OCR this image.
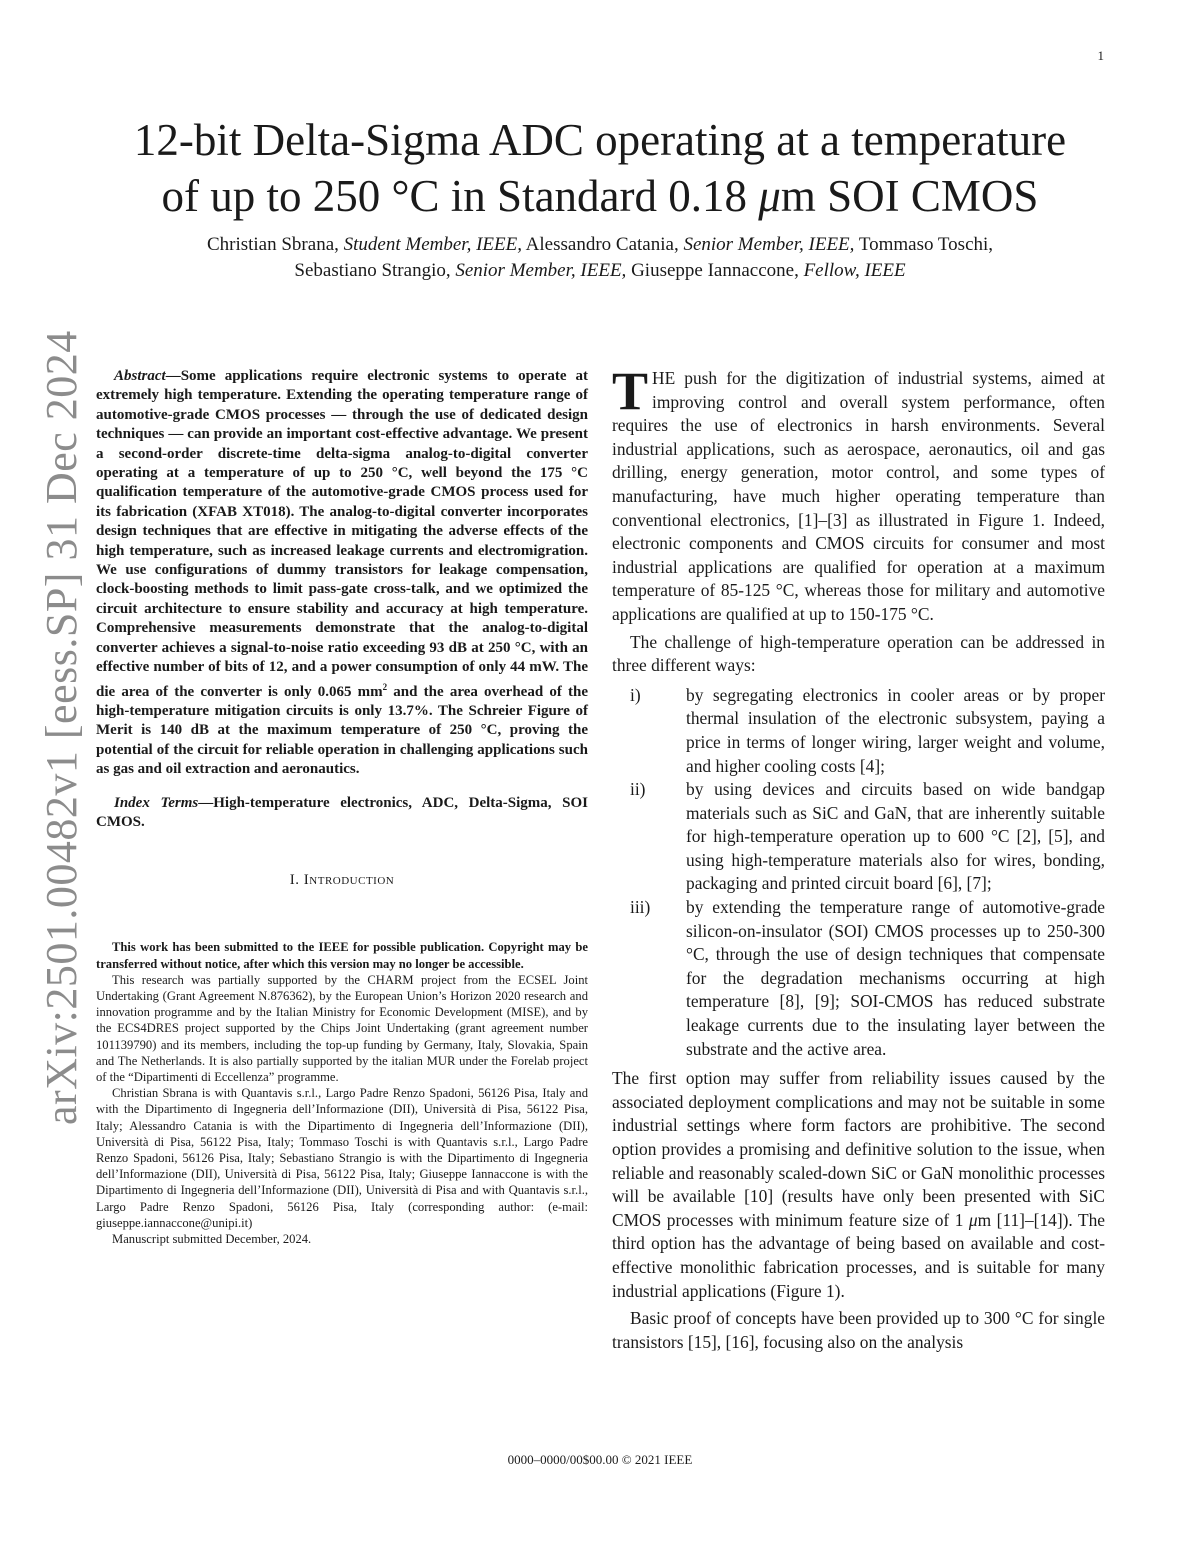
1
arXiv:2501.00482v1 [eess.SP] 31 Dec 2024
12-bit Delta-Sigma ADC operating at a temperature
of up to 250 °C in Standard 0.18 μm SOI CMOS
Christian Sbrana, Student Member, IEEE, Alessandro Catania, Senior Member, IEEE, Tommaso Toschi,
Sebastiano Strangio, Senior Member, IEEE, Giuseppe Iannaccone, Fellow, IEEE

Abstract—Some applications require electronic systems to operate at extremely high temperature. Extending the operating temperature range of automotive-grade CMOS processes — through the use of dedicated design techniques — can provide an important cost-effective advantage. We present a second-order discrete-time delta-sigma analog-to-digital converter operating at a temperature of up to 250 °C, well beyond the 175 °C qualification temperature of the automotive-grade CMOS process used for its fabrication (XFAB XT018). The analog-to-digital converter incorporates design techniques that are effective in mitigating the adverse effects of the high temperature, such as increased leakage currents and electromigration. We use configurations of dummy transistors for leakage compensation, clock-boosting methods to limit pass-gate cross-talk, and we optimized the circuit architecture to ensure stability and accuracy at high temperature. Comprehensive measurements demonstrate that the analog-to-digital converter achieves a signal-to-noise ratio exceeding 93 dB at 250 °C, with an effective number of bits of 12, and a power consumption of only 44 mW. The die area of the converter is only 0.065 $mm^2$ and the area overhead of the high-temperature mitigation circuits is only 13.7%. The Schreier Figure of Merit is 140 dB at the maximum temperature of 250 °C, proving the potential of the circuit for reliable operation in challenging applications such as gas and oil extraction and aeronautics.

Index Terms—High-temperature electronics, ADC, Delta-Sigma, SOI CMOS.

I. Introduction

This work has been submitted to the IEEE for possible publication. Copyright may be transferred without notice, after which this version may no longer be accessible.

This research was partially supported by the CHARM project from the ECSEL Joint Undertaking (Grant Agreement N.876362), by the European Union’s Horizon 2020 research and innovation programme and by the Italian Ministry for Economic Development (MISE), and by the ECS4DRES project supported by the Chips Joint Undertaking (grant agreement number 101139790) and its members, including the top-up funding by Germany, Italy, Slovakia, Spain and The Netherlands. It is also partially supported by the italian MUR under the Forelab project of the “Dipartimenti di Eccellenza” programme.

Christian Sbrana is with Quantavis s.r.l., Largo Padre Renzo Spadoni, 56126 Pisa, Italy and with the Dipartimento di Ingegneria dell’Informazione (DII), Università di Pisa, 56122 Pisa, Italy; Alessandro Catania is with the Dipartimento di Ingegneria dell’Informazione (DII), Università di Pisa, 56122 Pisa, Italy; Tommaso Toschi is with Quantavis s.r.l., Largo Padre Renzo Spadoni, 56126 Pisa, Italy; Sebastiano Strangio is with the Dipartimento di Ingegneria dell’Informazione (DII), Università di Pisa, 56122 Pisa, Italy; Giuseppe Iannaccone is with the Dipartimento di Ingegneria dell’Informazione (DII), Università di Pisa and with Quantavis s.r.l., Largo Padre Renzo Spadoni, 56126 Pisa, Italy (corresponding author: (e-mail: giuseppe.iannaccone@unipi.it)

Manuscript submitted December, 2024.

THE push for the digitization of industrial systems, aimed at improving control and overall system performance, often requires the use of electronics in harsh environments. Several industrial applications, such as aerospace, aeronautics, oil and gas drilling, energy generation, motor control, and some types of manufacturing, have much higher operating temperature than conventional electronics, [1]–[3] as illustrated in Figure 1. Indeed, electronic components and CMOS circuits for consumer and most industrial applications are qualified for operation at a maximum temperature of 85-125 °C, whereas those for military and automotive applications are qualified at up to 150-175 °C.

The challenge of high-temperature operation can be addressed in three different ways:

i)	by segregating electronics in cooler areas or by proper thermal insulation of the electronic subsystem, paying a price in terms of longer wiring, larger weight and volume, and higher cooling costs [4];
ii)	by using devices and circuits based on wide bandgap materials such as SiC and GaN, that are inherently suitable for high-temperature operation up to 600 °C [2], [5], and using high-temperature materials also for wires, bonding, packaging and printed circuit board [6], [7];
iii)	by extending the temperature range of automotive-grade silicon-on-insulator (SOI) CMOS processes up to 250-300 °C, through the use of design techniques that compensate for the degradation mechanisms occurring at high temperature [8], [9]; SOI-CMOS has reduced substrate leakage currents due to the insulating layer between the substrate and the active area.

The first option may suffer from reliability issues caused by the associated deployment complications and may not be suitable in some industrial settings where form factors are prohibitive. The second option provides a promising and definitive solution to the issue, when reliable and reasonably scaled-down SiC or GaN monolithic processes will be available [10] (results have only been presented with SiC CMOS processes with minimum feature size of 1 μm [11]–[14]). The third option has the advantage of being based on available and cost-effective monolithic fabrication processes, and is suitable for many industrial applications (Figure 1).

Basic proof of concepts have been provided up to 300 °C for single transistors [15], [16], focusing also on the analysis

0000–0000/00$00.00 © 2021 IEEE
